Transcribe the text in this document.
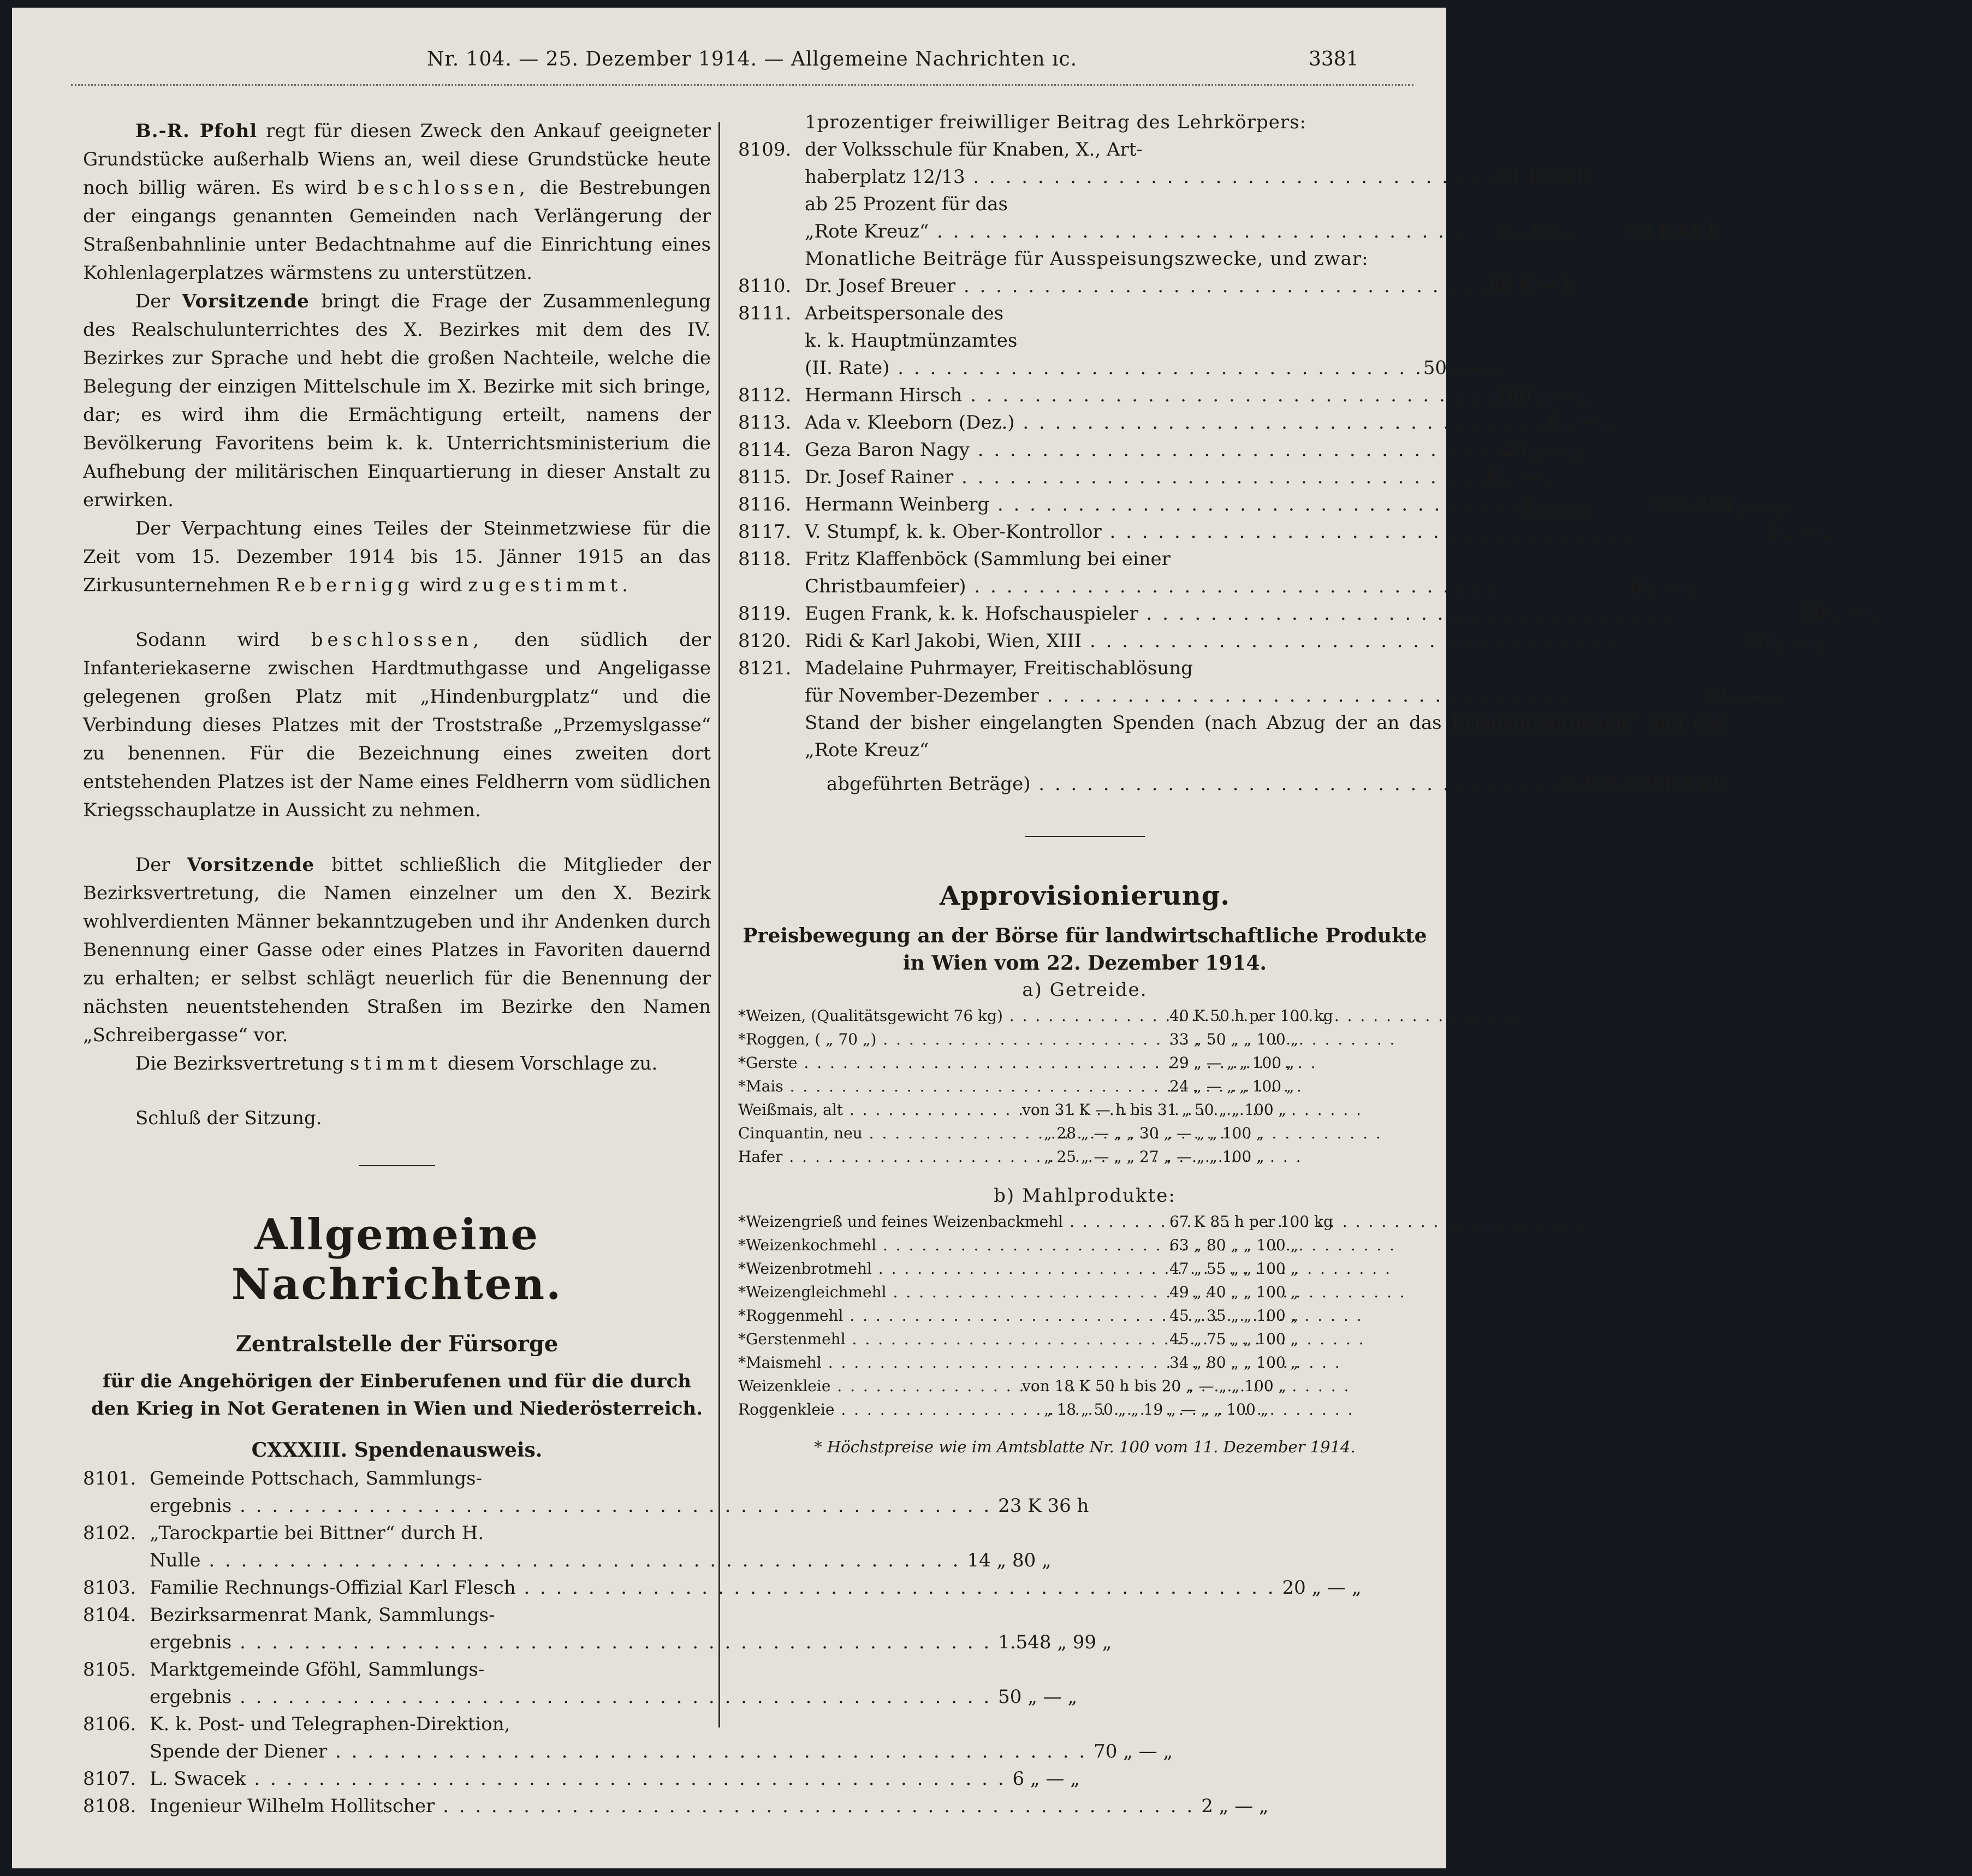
Nr. 104. — 25. Dezember 1914. — Allgemeine Nachrichten ıc.	3381

B.-R. Pfohl regt für diesen Zweck den Ankauf geeigneter Grundstücke außerhalb Wiens an, weil diese Grundstücke heute noch billig wären. Es wird beschlossen, die Bestrebungen der eingangs genannten Gemeinden nach Verlängerung der Straßenbahnlinie unter Bedachtnahme auf die Einrichtung eines Kohlenlagerplatzes wärmstens zu unterstützen.

Der Vorsitzende bringt die Frage der Zusammenlegung des Realschulunterrichtes des X. Bezirkes mit dem des IV. Bezirkes zur Sprache und hebt die großen Nachteile, welche die Belegung der einzigen Mittelschule im X. Bezirke mit sich bringe, dar; es wird ihm die Ermächtigung erteilt, namens der Bevölkerung Favoritens beim k. k. Unterrichtsministerium die Aufhebung der militärischen Einquartierung in dieser Anstalt zu erwirken.

Der Verpachtung eines Teiles der Steinmetzwiese für die Zeit vom 15. Dezember 1914 bis 15. Jänner 1915 an das Zirkusunternehmen Rebernigg wird zugestimmt.

Sodann wird beschlossen, den südlich der Infanteriekaserne zwischen Hardtmuthgasse und Angeligasse gelegenen großen Platz mit „Hindenburgplatz“ und die Verbindung dieses Platzes mit der Troststraße „Przemyslgasse“ zu benennen. Für die Bezeichnung eines zweiten dort entstehenden Platzes ist der Name eines Feldherrn vom südlichen Kriegsschauplatze in Aussicht zu nehmen.

Der Vorsitzende bittet schließlich die Mitglieder der Bezirksvertretung, die Namen einzelner um den X. Bezirk wohlverdienten Männer bekanntzugeben und ihr Andenken durch Benennung einer Gasse oder eines Platzes in Favoriten dauernd zu erhalten; er selbst schlägt neuerlich für die Benennung der nächsten neuentstehenden Straßen im Bezirke den Namen „Schreibergasse“ vor.

Die Bezirksvertretung stimmt diesem Vorschlage zu.

Schluß der Sitzung.

Allgemeine Nachrichten.
Zentralstelle der Fürsorge
für die Angehörigen der Einberufenen und für die durch den Krieg in Not Geratenen in Wien und Niederösterreich.
CXXXIII. Spendenausweis.
8101. Gemeinde Pottschach, Sammlungs-
ergebnis . . .	23 K 36 h
8102. „Tarockpartie bei Bittner“ durch H.
Nulle . . .	14 „ 80 „
8103. Familie Rechnungs-Offizial Karl Flesch . . .	20 „ — „
8104. Bezirksarmenrat Mank, Sammlungs-
ergebnis . . .	1.548 „ 99 „
8105. Marktgemeinde Gföhl, Sammlungs-
ergebnis . . .	50 „ — „
8106. K. k. Post- und Telegraphen-Direktion,
Spende der Diener . . .	70 „ — „
8107. L. Swacek . . .	6 „ — „
8108. Ingenieur Wilhelm Hollitscher . . .	2 „ — „
1prozentiger freiwilliger Beitrag des Lehrkörpers:
8109. der Volksschule für Knaben, X., Art-
haberplatz 12/13 . . .	31 K 30 h
ab 25 Prozent für das
„Rote Kreuz“ . . .	7 „ 82 „	23 K 48 h
Monatliche Beiträge für Ausspeisungszwecke, und zwar:
8110. Dr. Josef Breuer . . .	60 K — h
8111. Arbeitspersonale des
k. k. Hauptmünzamtes
(II. Rate) . . .	50 „ — „
8112. Hermann Hirsch . . .	100 „ — „
8113. Ada v. Kleeborn (Dez.) . . .	6 „ — „
8114. Geza Baron Nagy . . .	25 „ — „
8115. Dr. Josef Rainer . . .	6 „ — „
8116. Hermann Weinberg . . .	6 „ — „	zus. 253 „ — „
8117. V. Stumpf, k. k. Ober-Kontrollor . . .	5 „ — „
8118. Fritz Klaffenböck (Sammlung bei einer
Christbaumfeier) . . .	6 „ — „
8119. Eugen Frank, k. k. Hofschauspieler . . .	50 „ — „
8120. Ridi & Karl Jakobi, Wien, XIII . . .	50 „ — „
8121. Madelaine Puhrmayer, Freitischablösung
für November-Dezember . . .	12 „ — „
Stand der bisher eingelangten Spenden (nach Abzug der an das Kriegsfürsorgeamt“ und das „Rote Kreuz“
abgeführten Beträge) . . .	3,400.059 K 03 h
Approvisionierung.
Preisbewegung an der Börse für landwirtschaftliche Produkte in Wien vom 22. Dezember 1914.
a) Getreide.
*Weizen, (Qualitätsgewicht 76 kg) . . .	40 K 50 h per 100 kg
*Roggen, ( „ 70 „) . . .	33 „ 50 „ „ 100 „
*Gerste . . .	29 „ — „ „ 100 „
*Mais . . .	24 „ — „ „ 100 „
Weißmais, alt . . .	von 31 K — h bis 31 „ 50 „ „ 100 „
Cinquantin, neu . . .	„ 28 „ — „ „ 30 „ — „ „ 100 „
Hafer . . .	„ 25 „ — „ „ 27 „ — „ „ 100 „
b) Mahlprodukte:
*Weizengrieß und feines Weizenbackmehl . . .	67 K 85 h per 100 kg
*Weizenkochmehl . . .	63 „ 80 „ „ 100 „
*Weizenbrotmehl . . .	47 „ 55 „ „ 100 „
*Weizengleichmehl . . .	49 „ 40 „ „ 100 „
*Roggenmehl . . .	45 „ 35 „ „ 100 „
*Gerstenmehl . . .	45 „ 75 „ „ 100 „
*Maismehl . . .	34 „ 80 „ „ 100 „
Weizenkleie . . .	von 18 K 50 h bis 20 „ — „ „ 100 „
Roggenkleie . . .	„ 18 „ 50 „ „ 19 „ — „ „ 100 „
* Höchstpreise wie im Amtsblatte Nr. 100 vom 11. Dezember 1914.
